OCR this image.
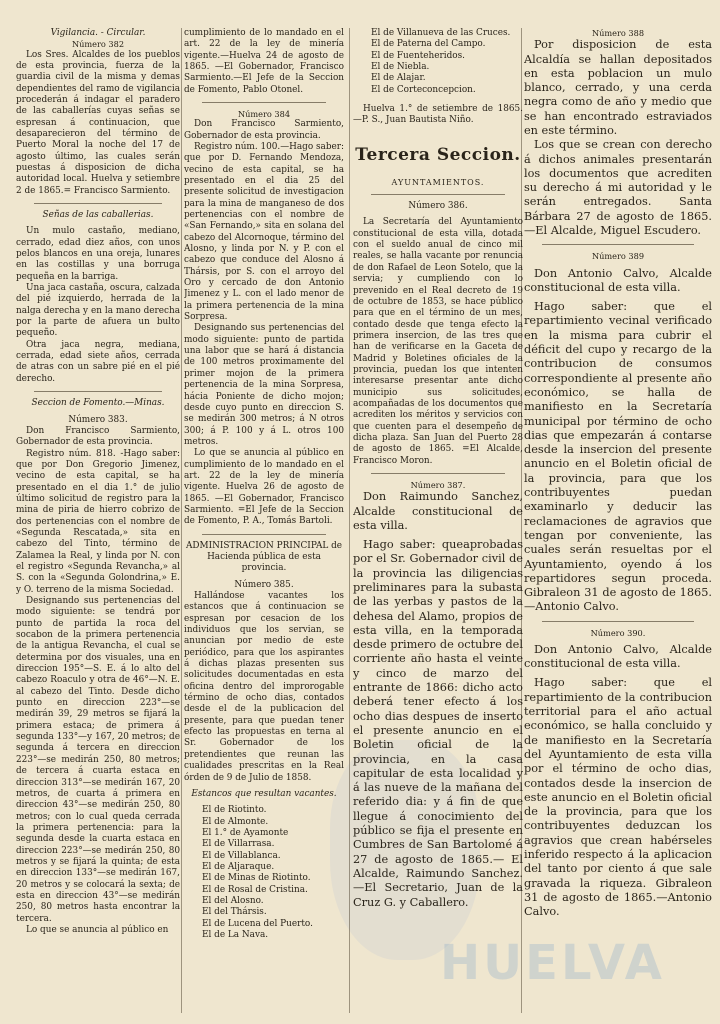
Vigilancia. - Circular.

Número 382

Los Sres. Alcaldes de los pueblos de esta provincia, fuerza de la guardia civil de la misma y demas dependientes del ramo de vigilancia procederán á indagar el paradero de las caballerías cuyas señas se espresan á continuacion, que desaparecieron del término de Puerto Moral la noche del 17 de agosto último, las cuales serán puestas á disposicion de dicha autoridad local. Huelva y setiembre 2 de 1865.= Francisco Sarmiento.

Señas de las caballerias.

Un mulo castaño, mediano, cerrado, edad diez años, con unos pelos blancos en una oreja, lunares en las costillas y una borruga pequeña en la barriga.

Una jaca castaña, oscura, calzada del pié izquierdo, herrada de la nalga derecha y en la mano derecha por la parte de afuera un bulto pequeño.

Otra jaca negra, mediana, cerrada, edad siete años, cerrada de atras con un sabre pié en el pié derecho.

Seccion de Fomento.—Minas.

Número 383.

Don Francisco Sarmiento, Gobernador de esta provincia.

Registro núm. 818. -Hago saber: que por Don Gregorio Jimenez, vecino de esta capital, se ha presentado en el dia 1.° de julio último solicitud de registro para la mina de piria de hierro cobrizo de dos pertenencias con el nombre de «Segunda Rescatada,» sita en cabezo del Tinto, término de Zalamea la Real, y linda por N. con el registro «Segunda Revancha,» al S. con la «Segunda Golondrina,» E. y O. terreno de la misma Sociedad.

Designando sus pertenencias del modo siguiente: se tendrá por punto de partida la roca del socabon de la primera pertenencia de la antigua Revancha, el cual se determina por dos visuales, una en direccion 195°—S. E. á lo alto del cabezo Roaculo y otra de 46°—N. E. al cabezo del Tinto. Desde dicho punto en direccion 223°—se medirán 39, 29 metros se fijará la primera estaca; de primera á segunda 133°—y 167, 20 metros; de segunda á tercera en direccion 223°—se medirán 250, 80 metros; de tercera á cuarta estaca en direccion 313°—se medirán 167, 20 metros, de cuarta á primera en direccion 43°—se medirán 250, 80 metros; con lo cual queda cerrada la primera pertenencia: para la segunda desde la cuarta estaca en direccion 223°—se medirán 250, 80 metros y se fijará la quinta; de esta en direccion 133°—se medirán 167, 20 metros y se colocará la sexta; de esta en direccion 43°—se medirán 250, 80 metros hasta encontrar la tercera.

Lo que se anuncia al público en

cumplimiento de lo mandado en el art. 22 de la ley de minería vigente.—Huelva 24 de agosto de 1865. —El Gobernador, Francisco Sarmiento.—El Jefe de la Seccion de Fomento, Pablo Otonel.

Número 384

Don Francisco Sarmiento, Gobernador de esta provincia.

Registro núm. 100.—Hago saber: que por D. Fernando Mendoza, vecino de esta capital, se ha presentado en el dia 25 del presente solicitud de investigacion para la mina de manganeso de dos pertenencias con el nombre de «San Fernando,» sita en solana del cabezo del Alcornoque, término del Alosno, y linda por N. y P. con el cabezo que conduce del Alosno á Thársis, por S. con el arroyo del Oro y cercado de don Antonio Jimenez y L. con el lado menor de la primera pertenencia de la mina Sorpresa.

Designando sus pertenencias del modo siguiente: punto de partida una labor que se hará á distancia de 100 metros proximamente del primer mojon de la primera pertenencia de la mina Sorpresa, hácia Poniente de dicho mojon; desde cuyo punto en direccion S. se medirán 300 metros; á N otros 300; á P. 100 y á L. otros 100 metros.

Lo que se anuncia al público en cumplimiento de lo mandado en el art. 22 de la ley de minería vigente. Huelva 26 de agosto de 1865. —El Gobernador, Francisco Sarmiento. =El Jefe de la Seccion de Fomento, P. A., Tomás Bartoli.

ADMINISTRACION PRINCIPAL de Hacienda pública de esta provincia.

Número 385.

Hallándose vacantes los estancos que á continuacion se espresan por cesacion de los individuos que los servian, se anuncian por medio de este periódico, para que los aspirantes á dichas plazas presenten sus solicitudes documentadas en esta oficina dentro del improrogable término de ocho dias, contados desde el de la publicacion del presente, para que puedan tener efecto las propuestas en terna al Sr. Gobernador de los pretendientes que reunan las cualidades prescritas en la Real órden de 9 de Julio de 1858.

Estancos que resultan vacantes.

El de Riotinto.

El de Almonte.

El 1.° de Ayamonte

El de Villarrasa.

El de Villablanca.

El de Aljaraque.

El de Minas de Riotinto.

El de Rosal de Cristina.

El del Alosno.

El del Thársis.

El de Lucena del Puerto.

El de La Nava.

El de Villanueva de las Cruces.

El de Paterna del Campo.

El de Fuenteheridos.

El de Niebla.

El de Alajar.

El de Corteconcepcion.

Huelva 1.° de setiembre de 1865. —P. S., Juan Bautista Niño.

Tercera Seccion.

AYUNTAMIENTOS.

Número 386.

La Secretaría del Ayuntamiento constitucional de esta villa, dotada con el sueldo anual de cinco mil reales, se halla vacante por renuncia de don Rafael de Leon Sotelo, que la servia; y cumpliendo con lo prevenido en el Real decreto de 19 de octubre de 1853, se hace público para que en el término de un mes, contado desde que tenga efecto la primera insercion, de las tres que han de verificarse en la Gaceta de Madrid y Boletines oficiales de la provincia, puedan los que intenten interesarse presentar ante dicho municipio sus solicitudes, acompañadas de los documentos que acrediten los méritos y servicios con que cuenten para el desempeño de dicha plaza. San Juan del Puerto 28 de agosto de 1865. =El Alcalde, Francisco Moron.

Número 387.

Don Raimundo Sanchez, Alcalde constitucional de esta villa.

Hago saber: queaprobadas por el Sr. Gobernador civil de la provincia las diligencias preliminares para la subasta de las yerbas y pastos de la dehesa del Alamo, propios de esta villa, en la temporada desde primero de octubre del corriente año hasta el veinte y cinco de marzo del entrante de 1866: dicho acto deberá tener efecto á los ocho dias despues de inserto el presente anuncio en el Boletin oficial de la provincia, en la casa capitular de esta localidad y á las nueve de la mañana del referido dia: y á fin de que llegue á conocimiento del público se fija el presente en Cumbres de San Bartolomé á 27 de agosto de 1865.— El Alcalde, Raimundo Sanchez.—El Secretario, Juan de la Cruz G. y Caballero.

Número 388

Por disposicion de esta Alcaldía se hallan depositados en esta poblacion un mulo blanco, cerrado, y una cerda negra como de año y medio que se han encontrado estraviados en este término.

Los que se crean con derecho á dichos animales presentarán los documentos que acrediten su derecho á mi autoridad y le serán entregados. Santa Bárbara 27 de agosto de 1865.—El Alcalde, Miguel Escudero.

Número 389

Don Antonio Calvo, Alcalde constitucional de esta villa.

Hago saber: que el repartimiento vecinal verificado en la misma para cubrir el déficit del cupo y recargo de la contribucion de consumos correspondiente al presente año económico, se halla de manifiesto en la Secretaría municipal por término de ocho dias que empezarán á contarse desde la insercion del presente anuncio en el Boletin oficial de la provincia, para que los contribuyentes puedan examinarlo y deducir las reclamaciones de agravios que tengan por conveniente, las cuales serán resueltas por el Ayuntamiento, oyendo á los repartidores segun proceda. Gibraleon 31 de agosto de 1865.—Antonio Calvo.

Número 390.

Don Antonio Calvo, Alcalde constitucional de esta villa.

Hago saber: que el repartimiento de la contribucion territorial para el año actual económico, se halla concluido y de manifiesto en la Secretaría del Ayuntamiento de esta villa por el término de ocho dias, contados desde la insercion de este anuncio en el Boletin oficial de la provincia, para que los contribuyentes deduzcan los agravios que crean habérseles inferido respecto á la aplicacion del tanto por ciento á que sale gravada la riqueza. Gibraleon 31 de agosto de 1865.—Antonio Calvo.

HUELVA
